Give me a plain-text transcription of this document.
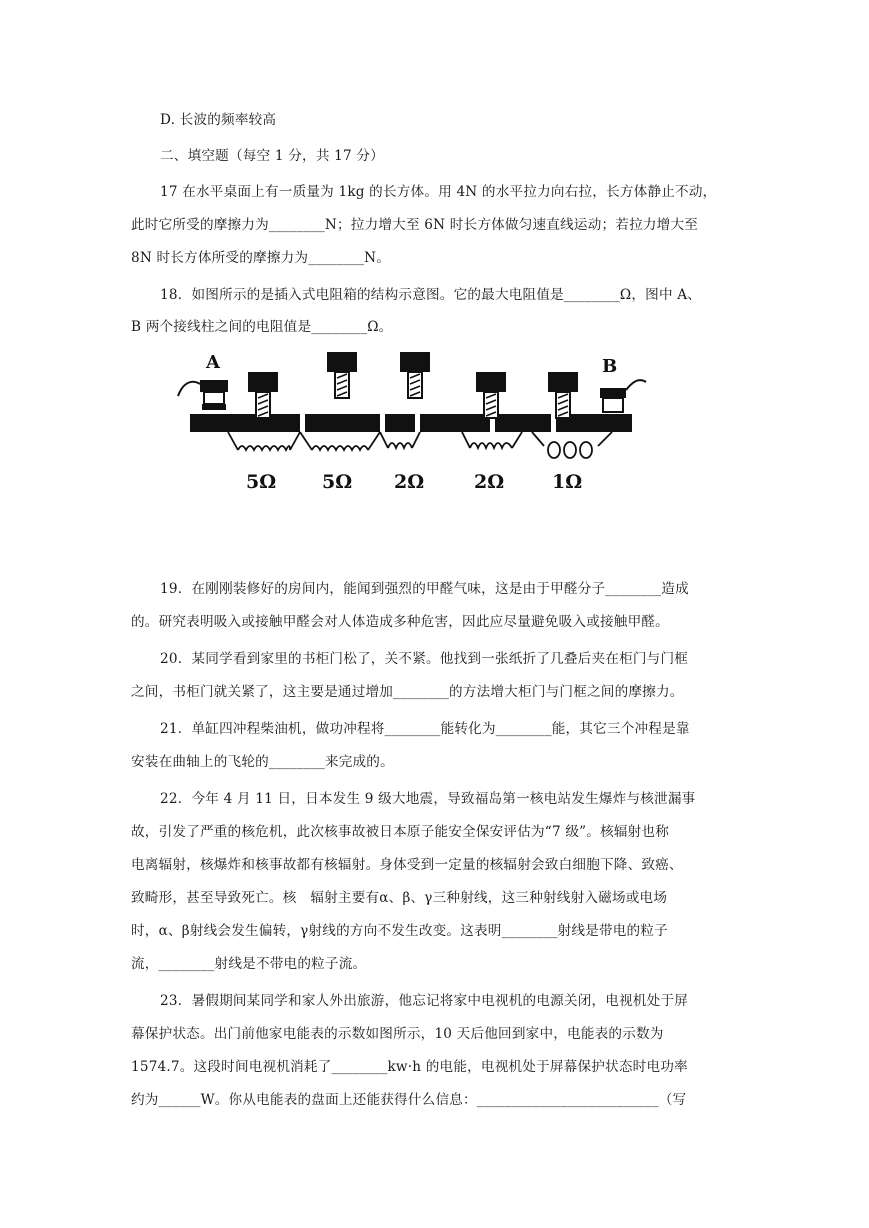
D. 长波的频率较高
二、填空题（每空 1 分，共 17 分）
17 在水平桌面上有一质量为 1kg 的长方体。用 4N 的水平拉力向右拉，长方体静止不动，
此时它所受的摩擦力为________N；拉力增大至 6N 时长方体做匀速直线运动；若拉力增大至
8N 时长方体所受的摩擦力为________N。
18．如图所示的是插入式电阻箱的结构示意图。它的最大电阻值是________Ω，图中 A、
B 两个接线柱之间的电阻值是________Ω。
A	B
5Ω 5Ω 2Ω	2Ω	1Ω
19．在刚刚装修好的房间内，能闻到强烈的甲醛气味，这是由于甲醛分子________造成
的。研究表明吸入或接触甲醛会对人体造成多种危害，因此应尽量避免吸入或接触甲醛。
20．某同学看到家里的书柜门松了，关不紧。他找到一张纸折了几叠后夹在柜门与门框
之间，书柜门就关紧了，这主要是通过增加________的方法增大柜门与门框之间的摩擦力。
21．单缸四冲程柴油机，做功冲程将________能转化为________能，其它三个冲程是靠
安装在曲轴上的飞轮的________来完成的。
22．今年 4 月 11 日，日本发生 9 级大地震，导致福岛第一核电站发生爆炸与核泄漏事
故，引发了严重的核危机，此次核事故被日本原子能安全保安评估为“7 级”。核辐射也称
电离辐射，核爆炸和核事故都有核辐射。身体受到一定量的核辐射会致白细胞下降、致癌、
致畸形，甚至导致死亡。核　辐射主要有α、β、γ三种射线，这三种射线射入磁场或电场
时，α、β射线会发生偏转，γ射线的方向不发生改变。这表明________射线是带电的粒子
流，________射线是不带电的粒子流。
23．暑假期间某同学和家人外出旅游，他忘记将家中电视机的电源关闭，电视机处于屏
幕保护状态。出门前他家电能表的示数如图所示，10 天后他回到家中，电能表的示数为
1574.7。这段时间电视机消耗了________kw·h 的电能，电视机处于屏幕保护状态时电功率
约为______W。你从电能表的盘面上还能获得什么信息：__________________________（写
